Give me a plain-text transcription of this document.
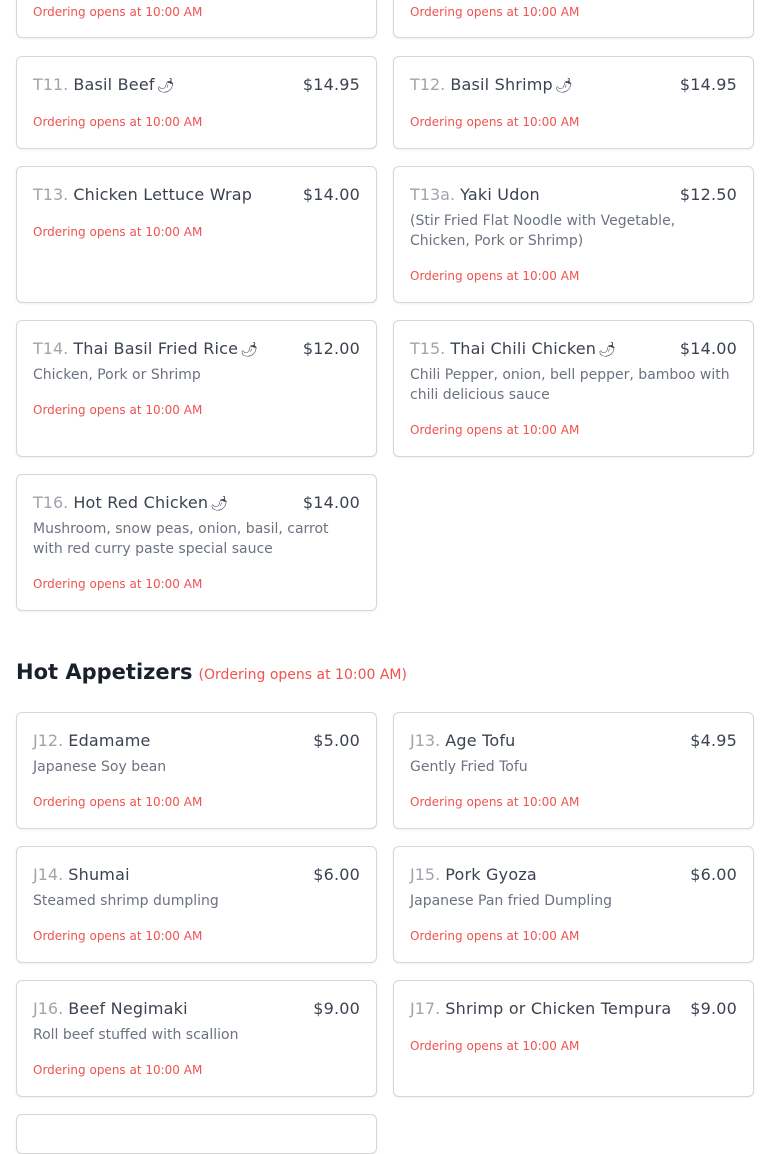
Ordering opens at 10:00 AM	Ordering opens at 10:00 AM
T11. Basil Beef 🌶	$14.95
Ordering opens at 10:00 AM
T12. Basil Shrimp 🌶	$14.95
Ordering opens at 10:00 AM
T13. Chicken Lettuce Wrap	$14.00
Ordering opens at 10:00 AM
T13a. Yaki Udon	$12.50
(Stir Fried Flat Noodle with Vegetable, Chicken, Pork or Shrimp)
Ordering opens at 10:00 AM
T14. Thai Basil Fried Rice 🌶	$12.00
Chicken, Pork or Shrimp
Ordering opens at 10:00 AM
T15. Thai Chili Chicken 🌶	$14.00
Chili Pepper, onion, bell pepper, bamboo with chili delicious sauce
Ordering opens at 10:00 AM
T16. Hot Red Chicken 🌶	$14.00
Mushroom, snow peas, onion, basil, carrot with red curry paste special sauce
Ordering opens at 10:00 AM
Hot Appetizers (Ordering opens at 10:00 AM)
J12. Edamame	$5.00
Japanese Soy bean
Ordering opens at 10:00 AM
J13. Age Tofu	$4.95
Gently Fried Tofu
Ordering opens at 10:00 AM
J14. Shumai	$6.00
Steamed shrimp dumpling
Ordering opens at 10:00 AM
J15. Pork Gyoza	$6.00
Japanese Pan fried Dumpling
Ordering opens at 10:00 AM
J16. Beef Negimaki	$9.00
Roll beef stuffed with scallion
Ordering opens at 10:00 AM
J17. Shrimp or Chicken Tempura $9.00
Ordering opens at 10:00 AM
